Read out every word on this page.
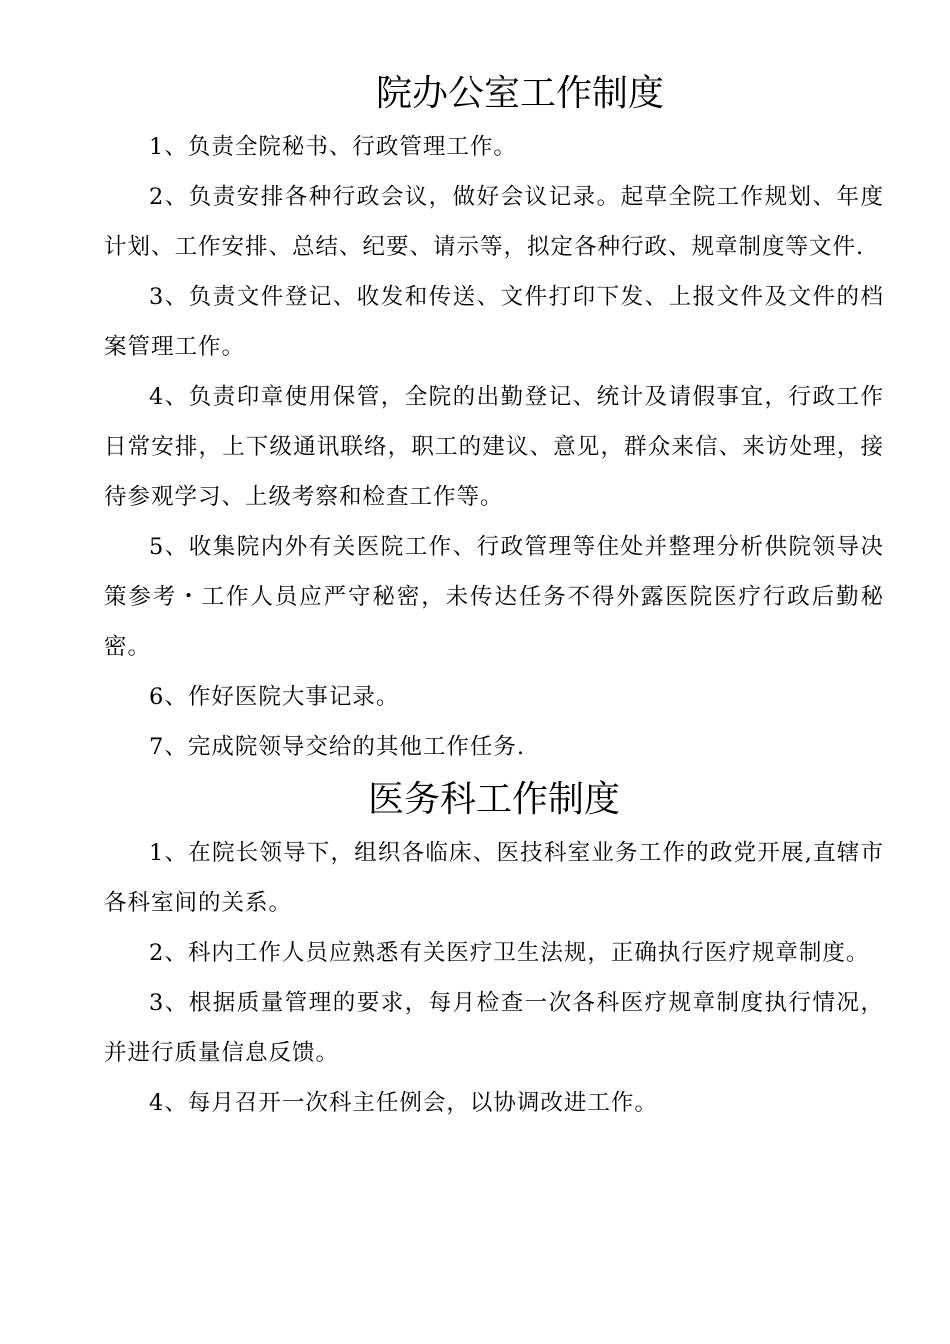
院办公室工作制度

1、负责全院秘书、行政管理工作。

2、负责安排各种行政会议，做好会议记录。起草全院工作规划、年度计划、工作安排、总结、纪要、请示等，拟定各种行政、规章制度等文件.

3、负责文件登记、收发和传送、文件打印下发、上报文件及文件的档案管理工作。

4、负责印章使用保管，全院的出勤登记、统计及请假事宜，行政工作日常安排，上下级通讯联络，职工的建议、意见，群众来信、来访处理，接待参观学习、上级考察和检查工作等。

5、收集院内外有关医院工作、行政管理等住处并整理分析供院领导决策参考・工作人员应严守秘密，未传达任务不得外露医院医疗行政后勤秘密。

6、作好医院大事记录。

7、完成院领导交给的其他工作任务.

医务科工作制度

1、在院长领导下，组织各临床、医技科室业务工作的政党开展,直辖市各科室间的关系。

2、科内工作人员应熟悉有关医疗卫生法规，正确执行医疗规章制度。

3、根据质量管理的要求，每月检查一次各科医疗规章制度执行情况，并进行质量信息反馈。

4、每月召开一次科主任例会，以协调改进工作。
